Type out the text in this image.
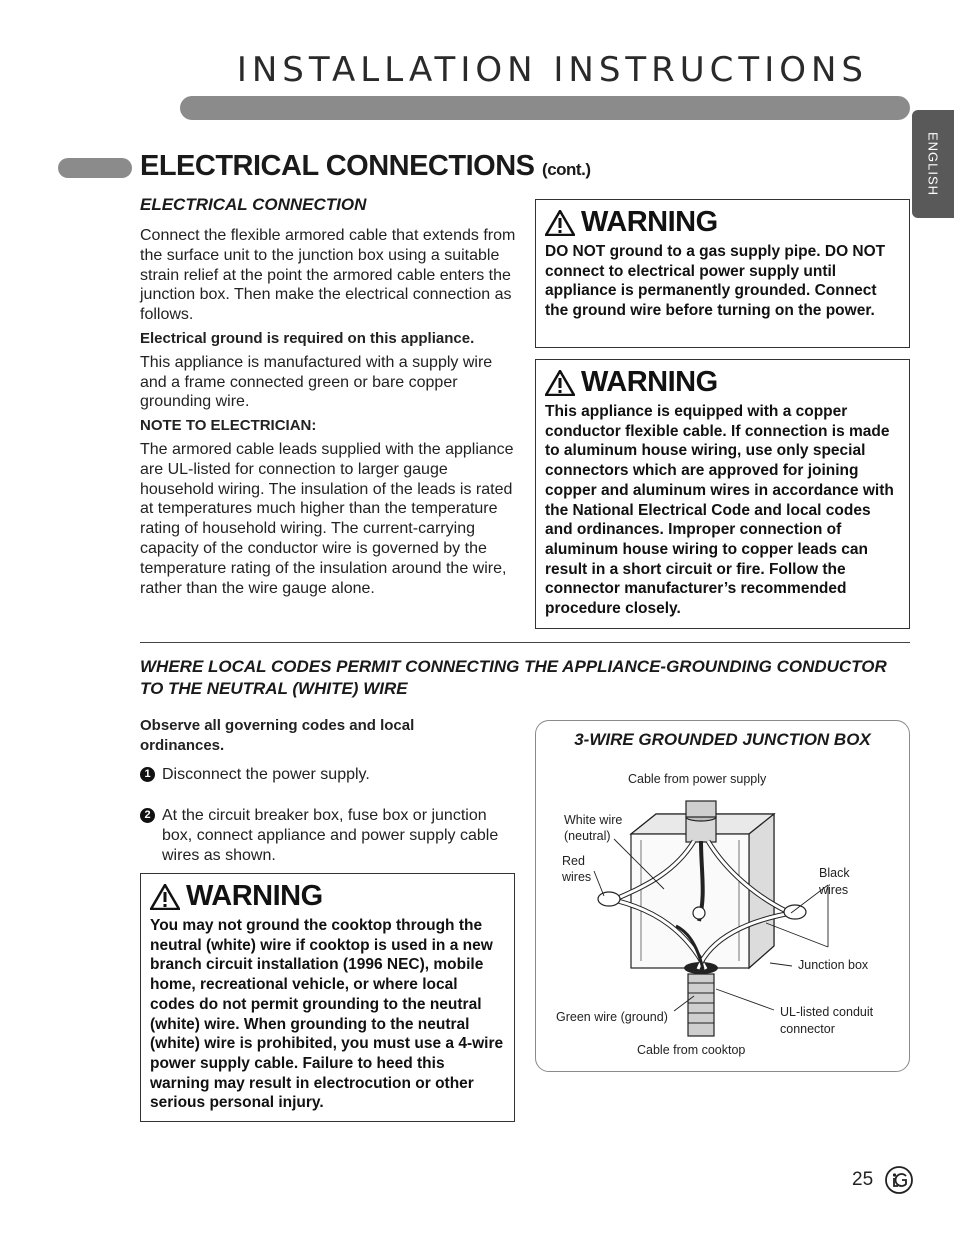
INSTALLATION INSTRUCTIONS
ENGLISH
ELECTRICAL CONNECTIONS (cont.)
ELECTRICAL CONNECTION

Connect the flexible armored cable that extends from the surface unit to the junction box using a suitable strain relief at the point the armored cable enters the junction box. Then make the electrical connection as follows.

Electrical ground is required on this appliance.

This appliance is manufactured with a supply wire and a frame connected green or bare copper grounding wire.

NOTE TO ELECTRICIAN:

The armored cable leads supplied with the appliance are UL-listed for connection to larger gauge household wiring. The insulation of the leads is rated at temperatures much higher than the temperature rating of household wiring. The current-carrying capacity of the conductor wire is governed by the temperature rating of the insulation around the wire, rather than the wire gauge alone.

WARNING
DO NOT ground to a gas supply pipe. DO NOT connect to electrical power supply until appliance is permanently grounded. Connect the ground wire before turning on the power.
WARNING
This appliance is equipped with a copper conductor flexible cable. If connection is made to aluminum house wiring, use only special connectors which are approved for joining copper and aluminum wires in accordance with the National Electrical Code and local codes and ordinances. Improper connection of aluminum house wiring to copper leads can result in a short circuit or fire. Follow the connector manufacturer’s recommended procedure closely.
WHERE LOCAL CODES PERMIT CONNECTING THE APPLIANCE-GROUNDING CONDUCTOR TO THE NEUTRAL (WHITE) WIRE
Observe all governing codes and local ordinances.
1 Disconnect the power supply.
2 At the circuit breaker box, fuse box or junction box, connect appliance and power supply cable wires as shown.
WARNING
You may not ground the cooktop through the neutral (white) wire if cooktop is used in a new branch circuit installation (1996 NEC), mobile home, recreational vehicle, or where local codes do not permit grounding to the neutral (white) wire. When grounding to the neutral (white) wire is prohibited, you must use a 4-wire power supply cable. Failure to heed this warning may result in electrocution or other serious personal injury.
3-WIRE GROUNDED JUNCTION BOX
Cable from power supply
White wire
(neutral)
Red
wires	Black
wires
Junction box
Green wire (ground)	UL-listed conduit
connector
Cable from cooktop
25
